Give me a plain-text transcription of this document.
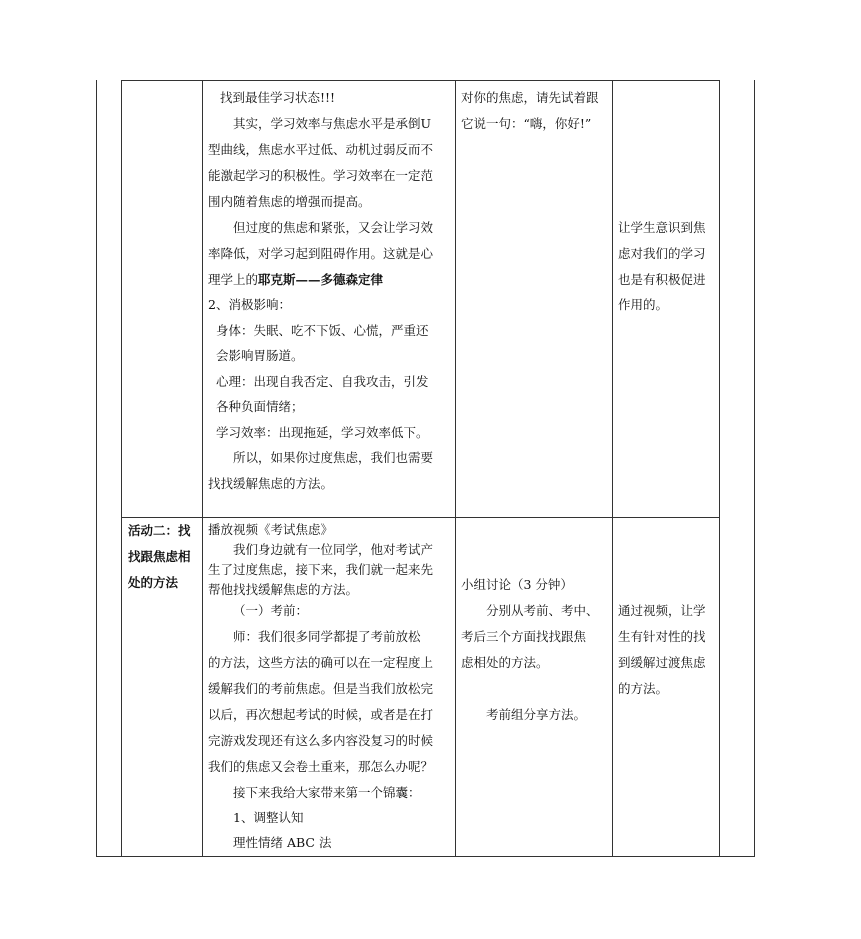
找到最佳学习状态!!!
其实，学习效率与焦虑水平是承倒U
型曲线，焦虑水平过低、动机过弱反而不
能激起学习的积极性。学习效率在一定范
围内随着焦虑的增强而提高。
但过度的焦虑和紧张，又会让学习效
率降低，对学习起到阻碍作用。这就是心
理学上的耶克斯——多德森定律
2、消极影响：
身体：失眠、吃不下饭、心慌，严重还
会影响胃肠道。
心理：出现自我否定、自我攻击，引发
各种负面情绪；
学习效率：出现拖延，学习效率低下。
所以，如果你过度焦虑，我们也需要
找找缓解焦虑的方法。
对你的焦虑，请先试着跟
它说一句：“嗨，你好!”
让学生意识到焦
虑对我们的学习
也是有积极促进
作用的。
活动二：找
找跟焦虑相
处的方法
播放视频《考试焦虑》
我们身边就有一位同学，他对考试产
生了过度焦虑，接下来，我们就一起来先
帮他找找缓解焦虑的方法。
（一）考前：
师：我们很多同学都提了考前放松
的方法，这些方法的确可以在一定程度上
缓解我们的考前焦虑。但是当我们放松完
以后，再次想起考试的时候，或者是在打
完游戏发现还有这么多内容没复习的时候
我们的焦虑又会卷土重来，那怎么办呢？
接下来我给大家带来第一个锦囊：
1、调整认知
理性情绪 ABC 法
小组讨论（3 分钟）
分别从考前、考中、
考后三个方面找找跟焦
虑相处的方法。
考前组分享方法。
通过视频，让学
生有针对性的找
到缓解过渡焦虑
的方法。
